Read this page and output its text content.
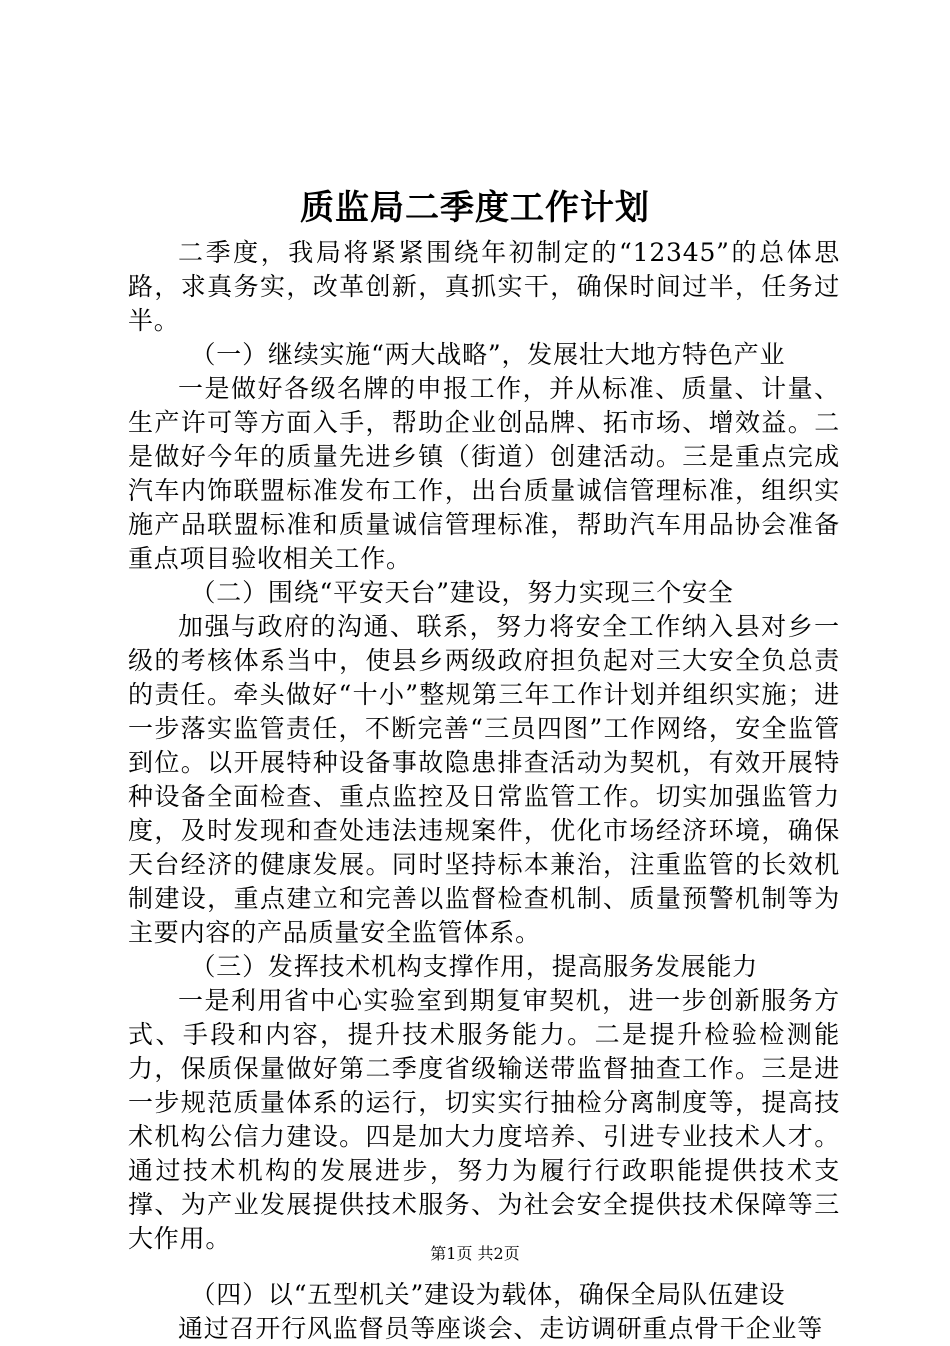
质监局二季度工作计划

二季度，我局将紧紧围绕年初制定的“12345”的总体思路，求真务实，改革创新，真抓实干，确保时间过半，任务过半。

（一）继续实施“两大战略”，发展壮大地方特色产业

一是做好各级名牌的申报工作，并从标准、质量、计量、生产许可等方面入手，帮助企业创品牌、拓市场、增效益。二是做好今年的质量先进乡镇（街道）创建活动。三是重点完成汽车内饰联盟标准发布工作，出台质量诚信管理标准，组织实施产品联盟标准和质量诚信管理标准，帮助汽车用品协会准备重点项目验收相关工作。

（二）围绕“平安天台”建设，努力实现三个安全

加强与政府的沟通、联系，努力将安全工作纳入县对乡一级的考核体系当中，使县乡两级政府担负起对三大安全负总责的责任。牵头做好“十小”整规第三年工作计划并组织实施；进一步落实监管责任，不断完善“三员四图”工作网络，安全监管到位。以开展特种设备事故隐患排查活动为契机，有效开展特种设备全面检查、重点监控及日常监管工作。切实加强监管力度，及时发现和查处违法违规案件，优化市场经济环境，确保天台经济的健康发展。同时坚持标本兼治，注重监管的长效机制建设，重点建立和完善以监督检查机制、质量预警机制等为主要内容的产品质量安全监管体系。

（三）发挥技术机构支撑作用，提高服务发展能力

一是利用省中心实验室到期复审契机，进一步创新服务方式、手段和内容，提升技术服务能力。二是提升检验检测能力，保质保量做好第二季度省级输送带监督抽查工作。三是进一步规范质量体系的运行，切实实行抽检分离制度等，提高技术机构公信力建设。四是加大力度培养、引进专业技术人才。通过技术机构的发展进步，努力为履行行政职能提供技术支撑、为产业发展提供技术服务、为社会安全提供技术保障等三大作用。

（四）以“五型机关”建设为载体，确保全局队伍建设

通过召开行风监督员等座谈会、走访调研重点骨干企业等

第1页 共2页
